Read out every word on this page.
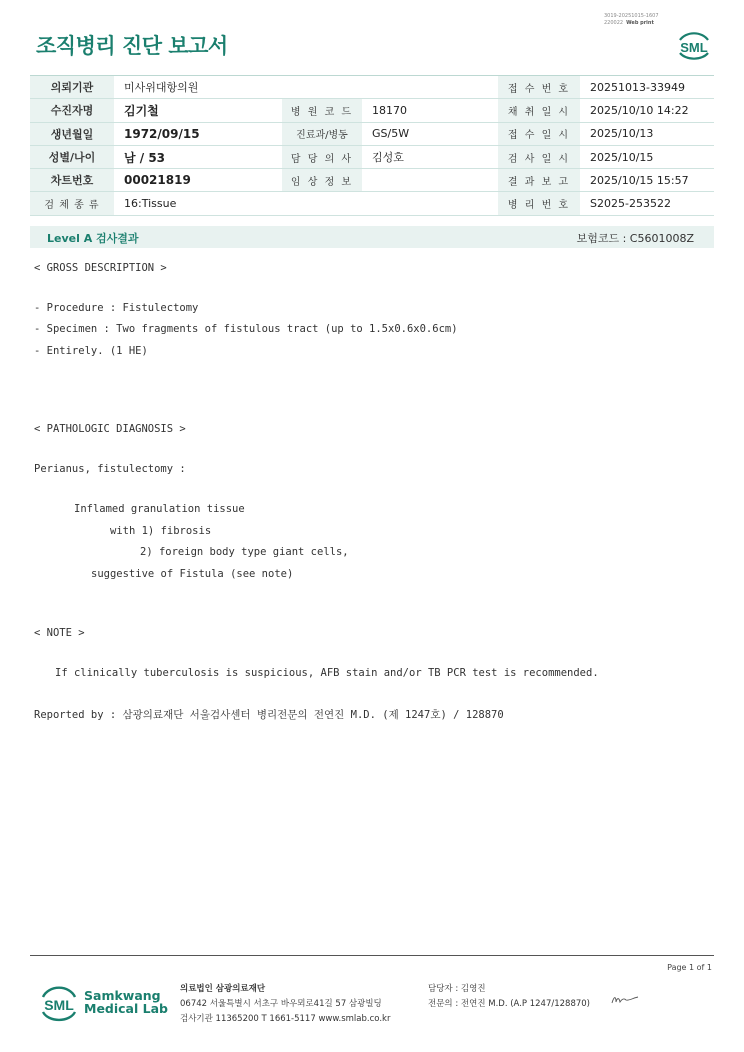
3019-20251015-1607
220022 Web print
조직병리 진단 보고서	SML
의뢰기관	미사위대항의원			접 수 번 호	20251013-33949
수진자명	김기철	병 원 코 드	18170	채 취 일 시	2025/10/10 14:22
생년월일	1972/09/15	진료과/병동	GS/5W	접 수 일 시	2025/10/13
성별/나이	남 / 53	담 당 의 사	김성호	검 사 일 시	2025/10/15
차트번호	00021819	임 상 정 보		결 과 보 고	2025/10/15 15:57
검 체 종 류	16:Tissue			병 리 번 호	S2025-253522
Level A 검사결과	보험코드 : C5601008Z
< GROSS DESCRIPTION >
- Procedure : Fistulectomy
- Specimen : Two fragments of fistulous tract (up to 1.5x0.6x0.6cm)
- Entirely. (1 HE)
< PATHOLOGIC DIAGNOSIS >
Perianus, fistulectomy :
Inflamed granulation tissue
with 1) fibrosis
2) foreign body type giant cells,
suggestive of Fistula (see note)
< NOTE >
If clinically tuberculosis is suspicious, AFB stain and/or TB PCR test is recommended.
Reported by : 삼광의료재단 서울검사센터 병리전문의 전연진 M.D. (제 1247호) / 128870
Page 1 of 1
SML
Samkwang
Medical Lab
의료법인 삼광의료재단
06742 서울특별시 서초구 바우뫼로41길 57 삼광빌딩
검사기관 11365200 T 1661-5117 www.smlab.co.kr
담당자 : 김영진
전문의 : 전연진 M.D. (A.P 1247/128870)
